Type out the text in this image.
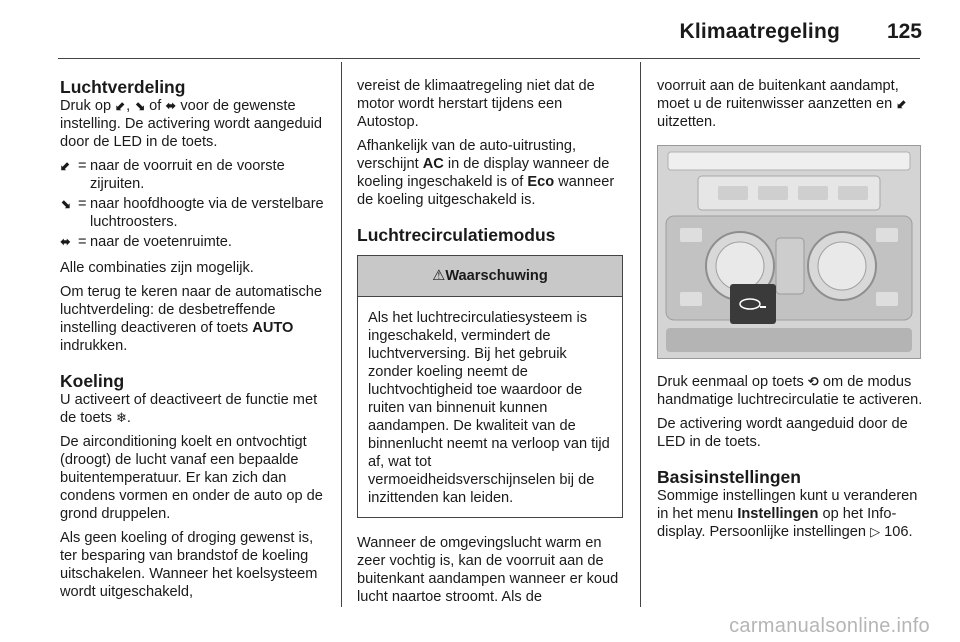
Klimaatregeling 125
Luchtverdeling

Druk op ⬋, ⬊ of ⬌ voor de gewenste instelling. De activering wordt aangeduid door de LED in de toets.

⬋ = naar de voorruit en de voorste zijruiten.
⬊ = naar hoofdhoogte via de verstelbare luchtroosters.
⬌ = naar de voetenruimte.

Alle combinaties zijn mogelijk.

Om terug te keren naar de automatische luchtverdeling: de desbetreffende instelling deactiveren of toets AUTO indrukken.

Koeling

U activeert of deactiveert de functie met de toets ❄.

De airconditioning koelt en ontvochtigt (droogt) de lucht vanaf een bepaalde buitentemperatuur. Er kan zich dan condens vormen en onder de auto op de grond druppelen.

Als geen koeling of droging gewenst is, ter besparing van brandstof de koeling uitschakelen. Wanneer het koelsysteem wordt uitgeschakeld,

vereist de klimaatregeling niet dat de motor wordt herstart tijdens een Autostop.

Afhankelijk van de auto-uitrusting, verschijnt AC in de display wanneer de koeling ingeschakeld is of Eco wanneer de koeling uitgeschakeld is.

Luchtrecirculatiemodus
⚠Waarschuwing
Als het luchtrecirculatiesysteem is ingeschakeld, vermindert de luchtverversing. Bij het gebruik zonder koeling neemt de luchtvochtigheid toe waardoor de ruiten van binnenuit kunnen aandampen. De kwaliteit van de binnenlucht neemt na verloop van tijd af, wat tot vermoeidheidsverschijnselen bij de inzittenden kan leiden.

Wanneer de omgevingslucht warm en zeer vochtig is, kan de voorruit aan de buitenkant aandampen wanneer er koud lucht naartoe stroomt. Als de

voorruit aan de buitenkant aandampt, moet u de ruitenwisser aanzetten en ⬋ uitzetten.

Druk eenmaal op toets ⟲ om de modus handmatige luchtrecirculatie te activeren.

De activering wordt aangeduid door de LED in de toets.

Basisinstellingen

Sommige instellingen kunt u veranderen in het menu Instellingen op het Info-display. Persoonlijke instellingen ▷ 106.

carmanualsonline.info
